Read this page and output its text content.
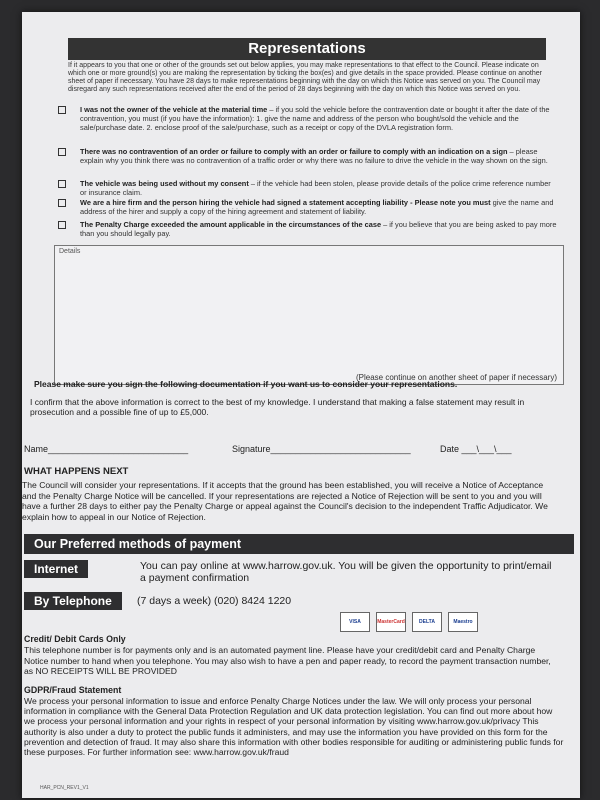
Representations
If it appears to you that one or other of the grounds set out below applies, you may make representations to that effect to the Council. Please indicate on which one or more ground(s) you are making the representation by ticking the box(es) and give details in the space provided. Please continue on another sheet of paper if necessary. You have 28 days to make representations beginning with the day on which this Notice was served on you. The Council may disregard any such representations received after the end of the period of 28 days beginning with the day on which this Notice was served on you.
I was not the owner of the vehicle at the material time – if you sold the vehicle before the contravention date or bought it after the date of the contravention, you must (if you have the information): 1. give the name and address of the person who bought/sold the vehicle and the sale/purchase date. 2. enclose proof of the sale/purchase, such as a receipt or copy of the DVLA registration form.
There was no contravention of an order or failure to comply with an order or failure to comply with an indication on a sign – please explain why you think there was no contravention of a traffic order or why there was no failure to drive the vehicle in the way shown on the sign.
The vehicle was being used without my consent – if the vehicle had been stolen, please provide details of the police crime reference number or insurance claim.
We are a hire firm and the person hiring the vehicle had signed a statement accepting liability - Please note you must give the name and address of the hirer and supply a copy of the hiring agreement and statement of liability.
The Penalty Charge exceeded the amount applicable in the circumstances of the case – if you believe that you are being asked to pay more than you should legally pay.
Details
(Please continue on another sheet of paper if necessary)
Please make sure you sign the following documentation if you want us to consider your representations.
I confirm that the above information is correct to the best of my knowledge. I understand that making a false statement may result in prosecution and a possible fine of up to £5,000.
Name____________________________	Signature____________________________	Date ___\___\___
WHAT HAPPENS NEXT
The Council will consider your representations. If it accepts that the ground has been established, you will receive a Notice of Acceptance and the Penalty Charge Notice will be cancelled. If your representations are rejected a Notice of Rejection will be sent to you and you will have a further 28 days to either pay the Penalty Charge or appeal against the Council's decision to the independent Traffic Adjudicator. We explain how to appeal in our Notice of Rejection.
Our Preferred methods of payment
Internet	You can pay online at www.harrow.gov.uk. You will be given the opportunity to print/email a payment confirmation
By Telephone	(7 days a week) (020) 8424 1220
VISA	MasterCard	DELTA	Maestro
Credit/ Debit Cards Only
This telephone number is for payments only and is an automated payment line. Please have your credit/debit card and Penalty Charge Notice number to hand when you telephone. You may also wish to have a pen and paper ready, to record the payment transaction number, as NO RECEIPTS WILL BE PROVIDED
GDPR/Fraud Statement
We process your personal information to issue and enforce Penalty Charge Notices under the law. We will only process your personal information in compliance with the General Data Protection Regulation and UK data protection legislation. You can find out more about how we process your personal information and your rights in respect of your personal information by visiting www.harrow.gov.uk/privacy This authority is also under a duty to protect the public funds it administers, and may use the information you have provided on this form for the prevention and detection of fraud. It may also share this information with other bodies responsible for auditing or administering public funds for these purposes. For further information see: www.harrow.gov.uk/fraud
HAR_PCN_REV1_V1
